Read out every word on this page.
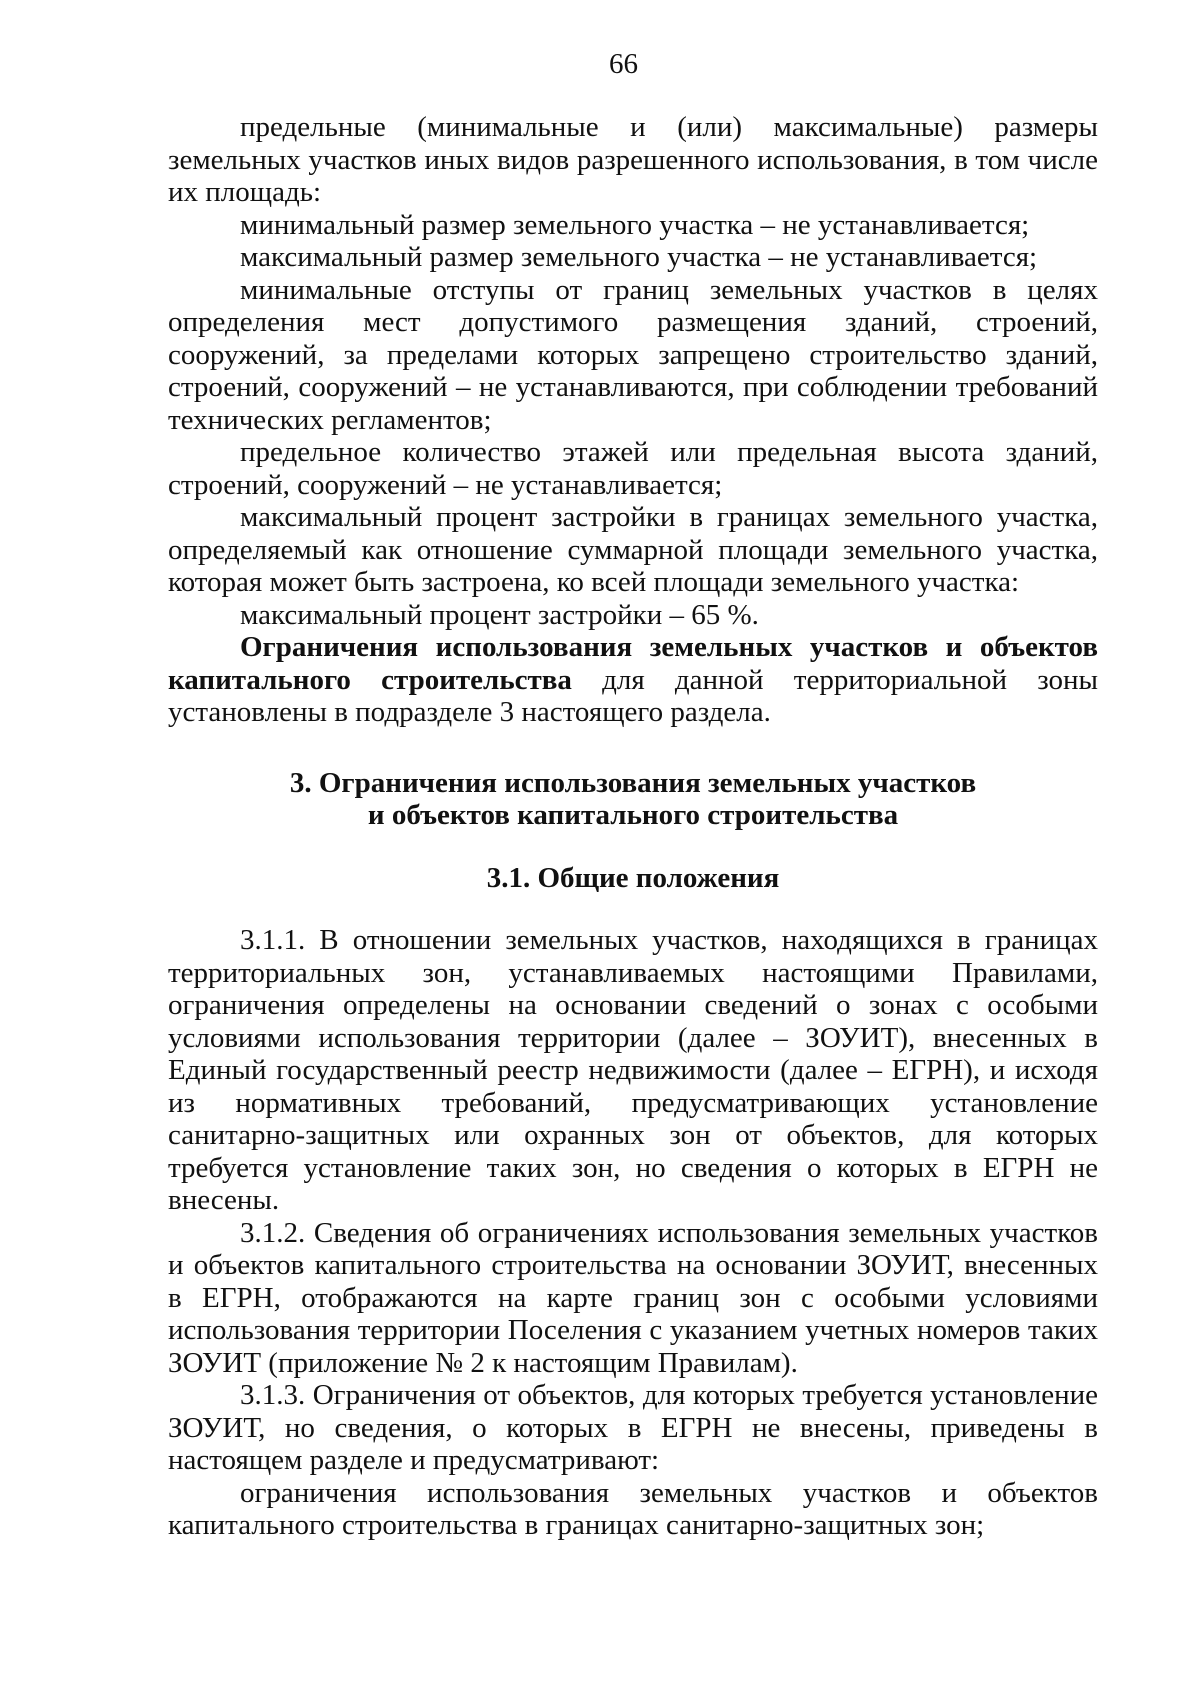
66

предельные (минимальные и (или) максимальные) размеры земельных участков иных видов разрешенного использования, в том числе их площадь:

минимальный размер земельного участка – не устанавливается;

максимальный размер земельного участка – не устанавливается;

минимальные отступы от границ земельных участков в целях определения мест допустимого размещения зданий, строений, сооружений, за пределами которых запрещено строительство зданий, строений, сооружений – не устанавливаются, при соблюдении требований технических регламентов;

предельное количество этажей или предельная высота зданий, строений, сооружений – не устанавливается;

максимальный процент застройки в границах земельного участка, определяемый как отношение суммарной площади земельного участка, которая может быть застроена, ко всей площади земельного участка:

максимальный процент застройки – 65 %.

Ограничения использования земельных участков и объектов капитального строительства для данной территориальной зоны установлены в подразделе 3 настоящего раздела.

3. Ограничения использования земельных участков
и объектов капитального строительства
3.1. Общие положения

3.1.1. В отношении земельных участков, находящихся в границах территориальных зон, устанавливаемых настоящими Правилами, ограничения определены на основании сведений о зонах с особыми условиями использования территории (далее – ЗОУИТ), внесенных в Единый государственный реестр недвижимости (далее – ЕГРН), и исходя из нормативных требований, предусматривающих установление санитарно-защитных или охранных зон от объектов, для которых требуется установление таких зон, но сведения о которых в ЕГРН не внесены.

3.1.2. Сведения об ограничениях использования земельных участков и объектов капитального строительства на основании ЗОУИТ, внесенных в ЕГРН, отображаются на карте границ зон с особыми условиями использования территории Поселения с указанием учетных номеров таких ЗОУИТ (приложение № 2 к настоящим Правилам).

3.1.3. Ограничения от объектов, для которых требуется установление ЗОУИТ, но сведения, о которых в ЕГРН не внесены, приведены в настоящем разделе и предусматривают:

ограничения использования земельных участков и объектов капитального строительства в границах санитарно-защитных зон;
